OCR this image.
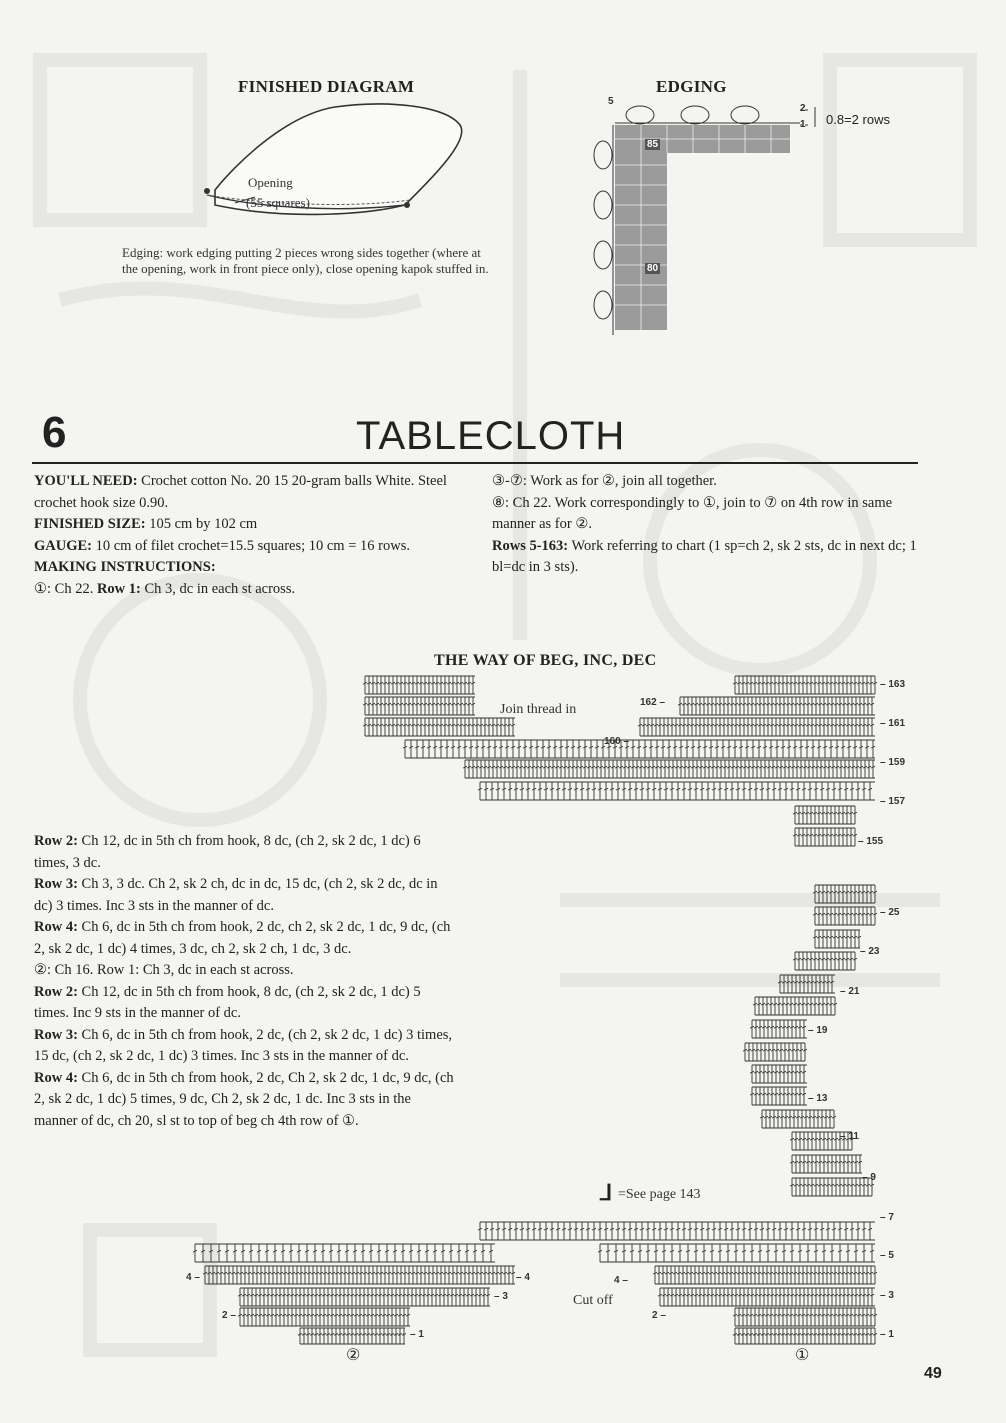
FINISHED DIAGRAM
Opening
(55 squares)
Edging: work edging putting 2 pieces wrong sides together (where at the opening, work in front piece only), close opening kapok stuffed in.
EDGING
5
2
1
85
80
0.8=2 rows
6	TABLECLOTH

YOU'LL NEED: Crochet cotton No. 20 15 20-gram balls White. Steel crochet hook size 0.90.

FINISHED SIZE: 105 cm by 102 cm

GAUGE: 10 cm of filet crochet=15.5 squares; 10 cm = 16 rows.

MAKING INSTRUCTIONS:

①: Ch 22. Row 1: Ch 3, dc in each st across.

③-⑦: Work as for ②, join all together.

⑧: Ch 22. Work correspondingly to ①, join to ⑦ on 4th row in same manner as for ②.

Rows 5-163: Work referring to chart (1 sp=ch 2, sk 2 sts, dc in next dc; 1 bl=dc in 3 sts).

THE WAY OF BEG, INC, DEC
Join thread in
Cut off
⅃ =See page 143
②	①
– 163
– 161
– 159
– 157
– 155
– 25
– 23
– 21
– 19
– 13
– 11
– 9
– 7
– 5
– 3
– 1
162 –
160 –
4 –
2 –
– 4
– 3
4 –
2 –
– 1

Row 2: Ch 12, dc in 5th ch from hook, 8 dc, (ch 2, sk 2 dc, 1 dc) 6 times, 3 dc.

Row 3: Ch 3, 3 dc. Ch 2, sk 2 ch, dc in dc, 15 dc, (ch 2, sk 2 dc, dc in dc) 3 times. Inc 3 sts in the manner of dc.

Row 4: Ch 6, dc in 5th ch from hook, 2 dc, ch 2, sk 2 dc, 1 dc, 9 dc, (ch 2, sk 2 dc, 1 dc) 4 times, 3 dc, ch 2, sk 2 ch, 1 dc, 3 dc.

②: Ch 16. Row 1: Ch 3, dc in each st across.

Row 2: Ch 12, dc in 5th ch from hook, 8 dc, (ch 2, sk 2 dc, 1 dc) 5 times. Inc 9 sts in the manner of dc.

Row 3: Ch 6, dc in 5th ch from hook, 2 dc, (ch 2, sk 2 dc, 1 dc) 3 times, 15 dc, (ch 2, sk 2 dc, 1 dc) 3 times. Inc 3 sts in the manner of dc.

Row 4: Ch 6, dc in 5th ch from hook, 2 dc, Ch 2, sk 2 dc, 1 dc, 9 dc, (ch 2, sk 2 dc, 1 dc) 5 times, 9 dc, Ch 2, sk 2 dc, 1 dc. Inc 3 sts in the manner of dc, ch 20, sl st to top of beg ch 4th row of ①.

49
